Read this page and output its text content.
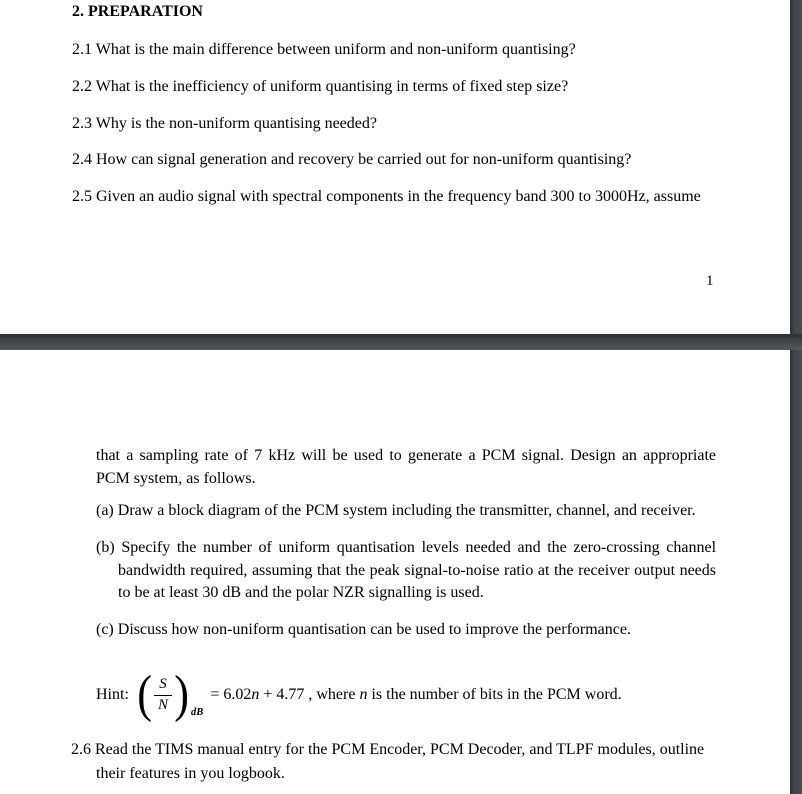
2. PREPARATION
2.1 What is the main difference between uniform and non-uniform quantising?
2.2 What is the inefficiency of uniform quantising in terms of fixed step size?
2.3 Why is the non-uniform quantising needed?
2.4 How can signal generation and recovery be carried out for non-uniform quantising?
2.5 Given an audio signal with spectral components in the frequency band 300 to 3000Hz, assume
1
that a sampling rate of 7 kHz will be used to generate a PCM signal. Design an appropriate
PCM system, as follows.
(a) Draw a block diagram of the PCM system including the transmitter, channel, and receiver.
(b) Specify the number of uniform quantisation levels needed and the zero-crossing channel
bandwidth required, assuming that the peak signal-to-noise ratio at the receiver output needs
to be at least 30 dB and the polar NZR signalling is used.
(c) Discuss how non-uniform quantisation can be used to improve the performance.
Hint: ( $\frac{S}{N}$ ) dB
= 6.02n + 4.77 , where n is the number of bits in the PCM word.
2.6 Read the TIMS manual entry for the PCM Encoder, PCM Decoder, and TLPF modules, outline
their features in you logbook.
